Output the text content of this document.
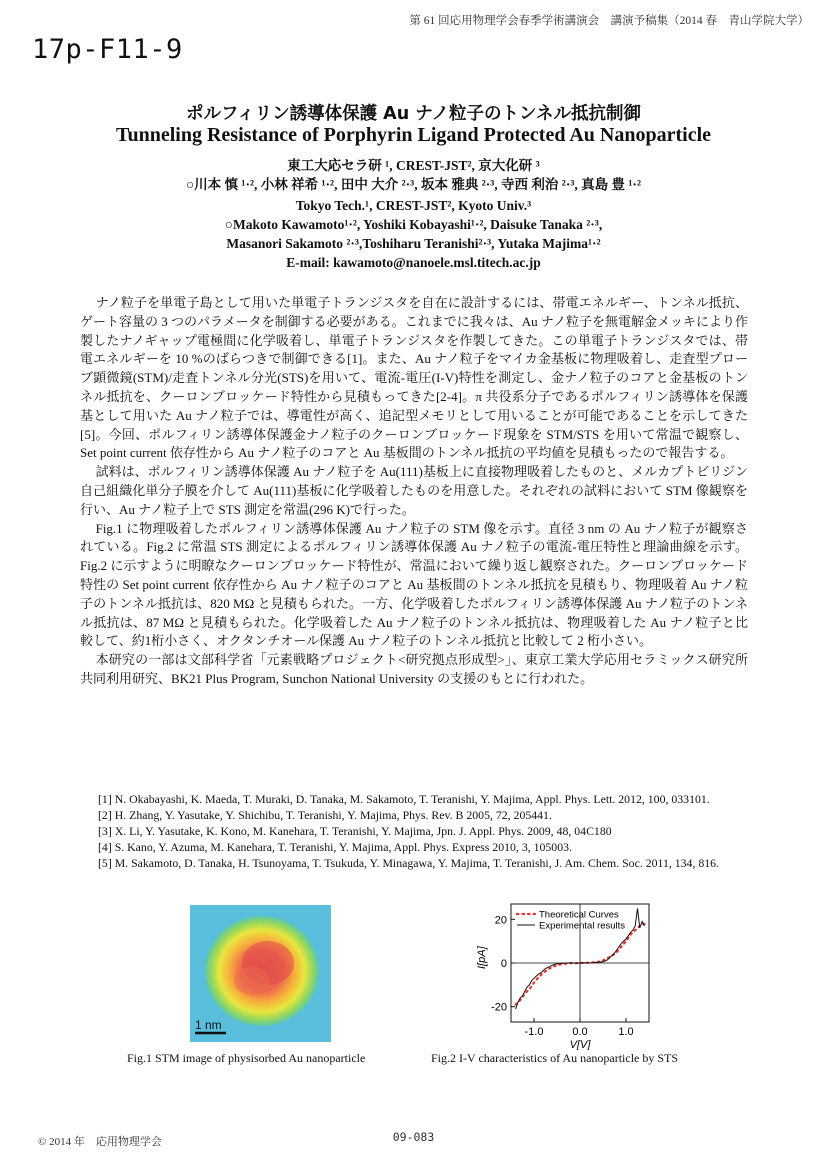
第 61 回応用物理学会春季学術講演会　講演予稿集（2014 春　青山学院大学）
17p-F11-9
ポルフィリン誘導体保護 Au ナノ粒子のトンネル抵抗制御
Tunneling Resistance of Porphyrin Ligand Protected Au Nanoparticle
東工大応セラ研 ¹, CREST-JST², 京大化研 ³
○川本 慎 ¹·², 小林 祥希 ¹·², 田中 大介 ²·³, 坂本 雅典 ²·³, 寺西 利治 ²·³, 真島 豊 ¹·²
Tokyo Tech.¹, CREST-JST², Kyoto Univ.³
○Makoto Kawamoto¹·², Yoshiki Kobayashi¹·², Daisuke Tanaka ²·³,
Masanori Sakamoto ²·³,Toshiharu Teranishi²·³, Yutaka Majima¹·²
E-mail: kawamoto@nanoele.msl.titech.ac.jp

ナノ粒子を単電子島として用いた単電子トランジスタを自在に設計するには、帯電エネルギー、トンネル抵抗、ゲート容量の 3 つのパラメータを制御する必要がある。これまでに我々は、Au ナノ粒子を無電解金メッキにより作製したナノギャップ電極間に化学吸着し、単電子トランジスタを作製してきた。この単電子トランジスタでは、帯電エネルギーを 10 %のばらつきで制御できる[1]。また、Au ナノ粒子をマイカ金基板に物理吸着し、走査型プローブ顕微鏡(STM)/走査トンネル分光(STS)を用いて、電流-電圧(I-V)特性を測定し、金ナノ粒子のコアと金基板のトンネル抵抗を、クーロンブロッケード特性から見積もってきた[2-4]。π 共役系分子であるポルフィリン誘導体を保護基として用いた Au ナノ粒子では、導電性が高く、追記型メモリとして用いることが可能であることを示してきた[5]。今回、ポルフィリン誘導体保護金ナノ粒子のクーロンブロッケード現象を STM/STS を用いて常温で観察し、Set point current 依存性から Au ナノ粒子のコアと Au 基板間のトンネル抵抗の平均値を見積もったので報告する。

試料は、ポルフィリン誘導体保護 Au ナノ粒子を Au(111)基板上に直接物理吸着したものと、メルカプトビリジン自己組織化単分子膜を介して Au(111)基板に化学吸着したものを用意した。それぞれの試料において STM 像観察を行い、Au ナノ粒子上で STS 測定を常温(296 K)で行った。

Fig.1 に物理吸着したポルフィリン誘導体保護 Au ナノ粒子の STM 像を示す。直径 3 nm の Au ナノ粒子が観察されている。Fig.2 に常温 STS 測定によるポルフィリン誘導体保護 Au ナノ粒子の電流-電圧特性と理論曲線を示す。Fig.2 に示すように明瞭なクーロンブロッケード特性が、常温において繰り返し観察された。クーロンブロッケード特性の Set point current 依存性から Au ナノ粒子のコアと Au 基板間のトンネル抵抗を見積もり、物理吸着 Au ナノ粒子のトンネル抵抗は、820 MΩ と見積もられた。一方、化学吸着したポルフィリン誘導体保護 Au ナノ粒子のトンネル抵抗は、87 MΩ と見積もられた。化学吸着した Au ナノ粒子のトンネル抵抗は、物理吸着した Au ナノ粒子と比較して、約1桁小さく、オクタンチオール保護 Au ナノ粒子のトンネル抵抗と比較して 2 桁小さい。

本研究の一部は文部科学省「元素戦略プロジェクト<研究拠点形成型>」、東京工業大学応用セラミックス研究所共同利用研究、BK21 Plus Program, Sunchon National University の支援のもとに行われた。

[1] N. Okabayashi, K. Maeda, T. Muraki, D. Tanaka, M. Sakamoto, T. Teranishi, Y. Majima, Appl. Phys. Lett. 2012, 100, 033101.
[2] H. Zhang, Y. Yasutake, Y. Shichibu, T. Teranishi, Y. Majima, Phys. Rev. B 2005, 72, 205441.
[3] X. Li, Y. Yasutake, K. Kono, M. Kanehara, T. Teranishi, Y. Majima, Jpn. J. Appl. Phys. 2009, 48, 04C180
[4] S. Kano, Y. Azuma, M. Kanehara, T. Teranishi, Y. Majima, Appl. Phys. Express 2010, 3, 105003.
[5] M. Sakamoto, D. Tanaka, H. Tsunoyama, T. Tsukuda, Y. Minagawa, Y. Majima, T. Teranishi, J. Am. Chem. Soc. 2011, 134, 816.
1 nm	-1.0	0.0	1.0
-20
0
20	Theoretical Curves
Experimental results
I[pA]
V[V]
Fig.1 STM image of physisorbed Au nanoparticle	Fig.2 I-V characteristics of Au nanoparticle by STS
© 2014 年　応用物理学会	09-083
